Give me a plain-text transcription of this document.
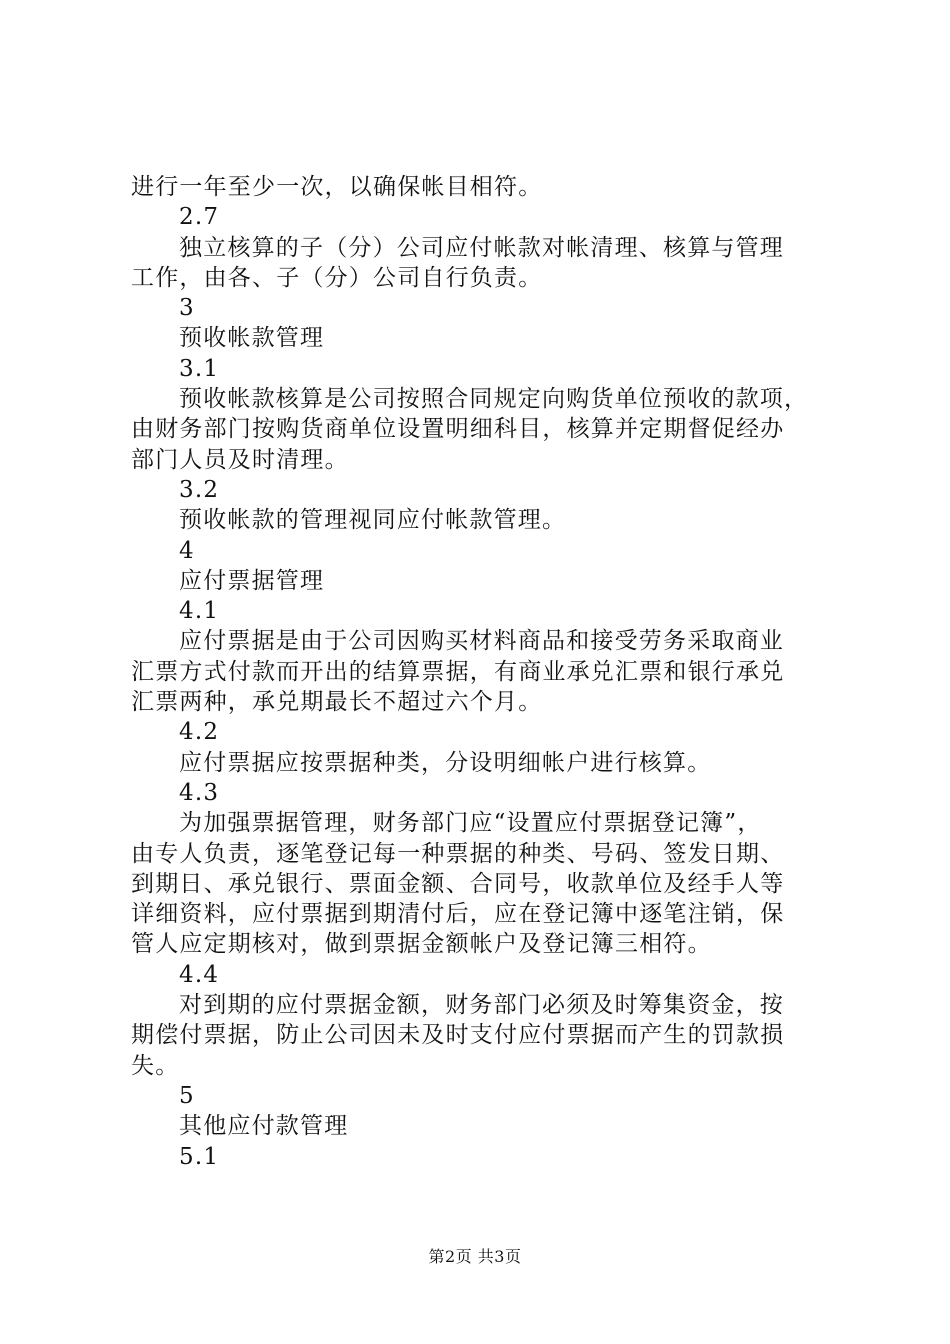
进行一年至少一次，以确保帐目相符。
2.7
独立核算的子（分）公司应付帐款对帐清理、核算与管理
工作，由各、子（分）公司自行负责。
3
预收帐款管理
3.1
预收帐款核算是公司按照合同规定向购货单位预收的款项，
由财务部门按购货商单位设置明细科目，核算并定期督促经办
部门人员及时清理。
3.2
预收帐款的管理视同应付帐款管理。
4
应付票据管理
4.1
应付票据是由于公司因购买材料商品和接受劳务采取商业
汇票方式付款而开出的结算票据，有商业承兑汇票和银行承兑
汇票两种，承兑期最长不超过六个月。
4.2
应付票据应按票据种类，分设明细帐户进行核算。
4.3
为加强票据管理，财务部门应“设置应付票据登记簿”，
由专人负责，逐笔登记每一种票据的种类、号码、签发日期、
到期日、承兑银行、票面金额、合同号，收款单位及经手人等
详细资料，应付票据到期清付后，应在登记簿中逐笔注销，保
管人应定期核对，做到票据金额帐户及登记簿三相符。
4.4
对到期的应付票据金额，财务部门必须及时筹集资金，按
期偿付票据，防止公司因未及时支付应付票据而产生的罚款损
失。
5
其他应付款管理
5.1
第2页 共3页
